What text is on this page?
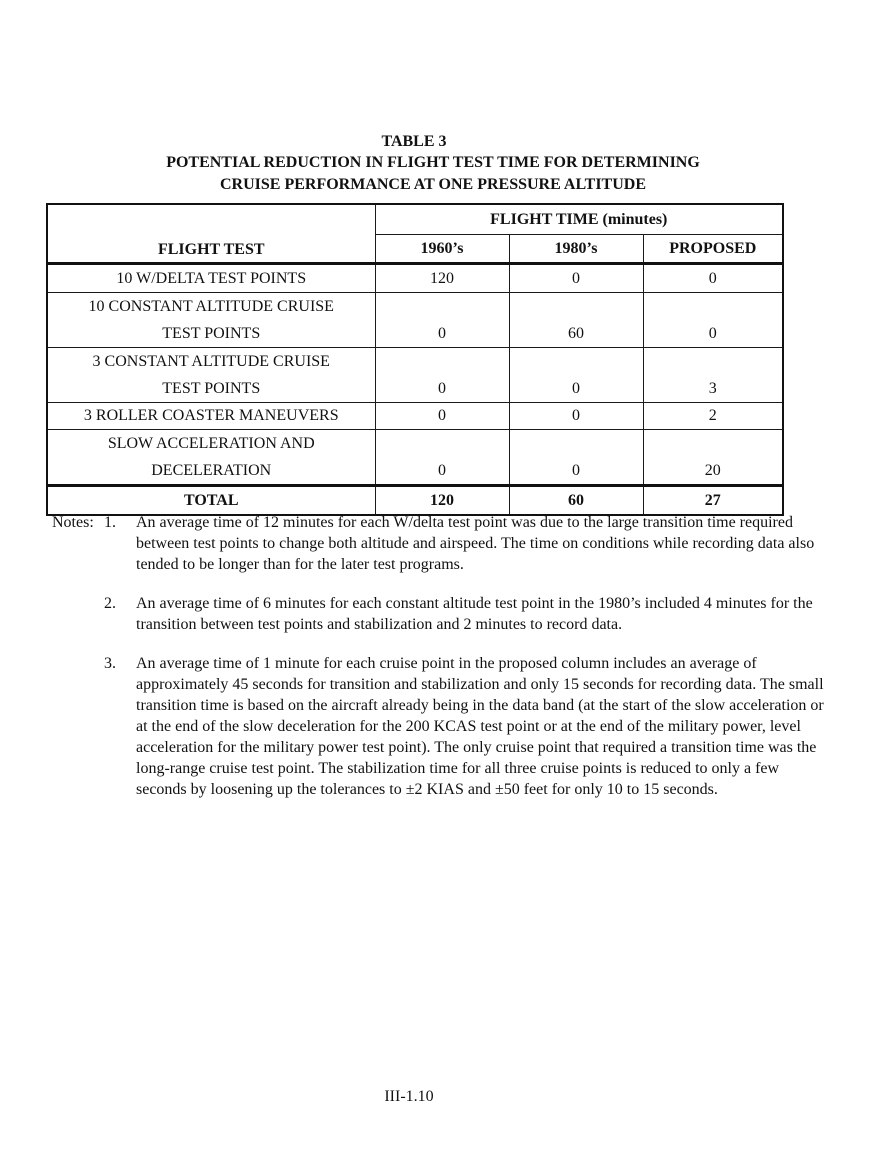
TABLE 3
POTENTIAL REDUCTION IN FLIGHT TEST TIME FOR DETERMINING
CRUISE PERFORMANCE AT ONE PRESSURE ALTITUDE
FLIGHT TEST	FLIGHT TIME (minutes)		
	1960’s	1980’s	PROPOSED
10 W/DELTA TEST POINTS	120	0	0

10 CONSTANT ALTITUDE CRUISE
TEST POINTS	0	60	0

3 CONSTANT ALTITUDE CRUISE
TEST POINTS	0	0	3
3 ROLLER COASTER MANEUVERS	0	0	2

SLOW ACCELERATION AND
DECELERATION	0	0	20
TOTAL	120	60	27
Notes: 1. An average time of 12 minutes for each W/delta test point was due to the large transition time required between test points to change both altitude and airspeed. The time on conditions while recording data also tended to be longer than for the later test programs.
2. An average time of 6 minutes for each constant altitude test point in the 1980’s included 4 minutes for the transition between test points and stabilization and 2 minutes to record data.
3. An average time of 1 minute for each cruise point in the proposed column includes an average of approximately 45 seconds for transition and stabilization and only 15 seconds for recording data. The small transition time is based on the aircraft already being in the data band (at the start of the slow acceleration or at the end of the slow deceleration for the 200 KCAS test point or at the end of the military power, level acceleration for the military power test point). The only cruise point that required a transition time was the long-range cruise test point. The stabilization time for all three cruise points is reduced to only a few seconds by loosening up the tolerances to ±2 KIAS and ±50 feet for only 10 to 15 seconds.
III-1.10
